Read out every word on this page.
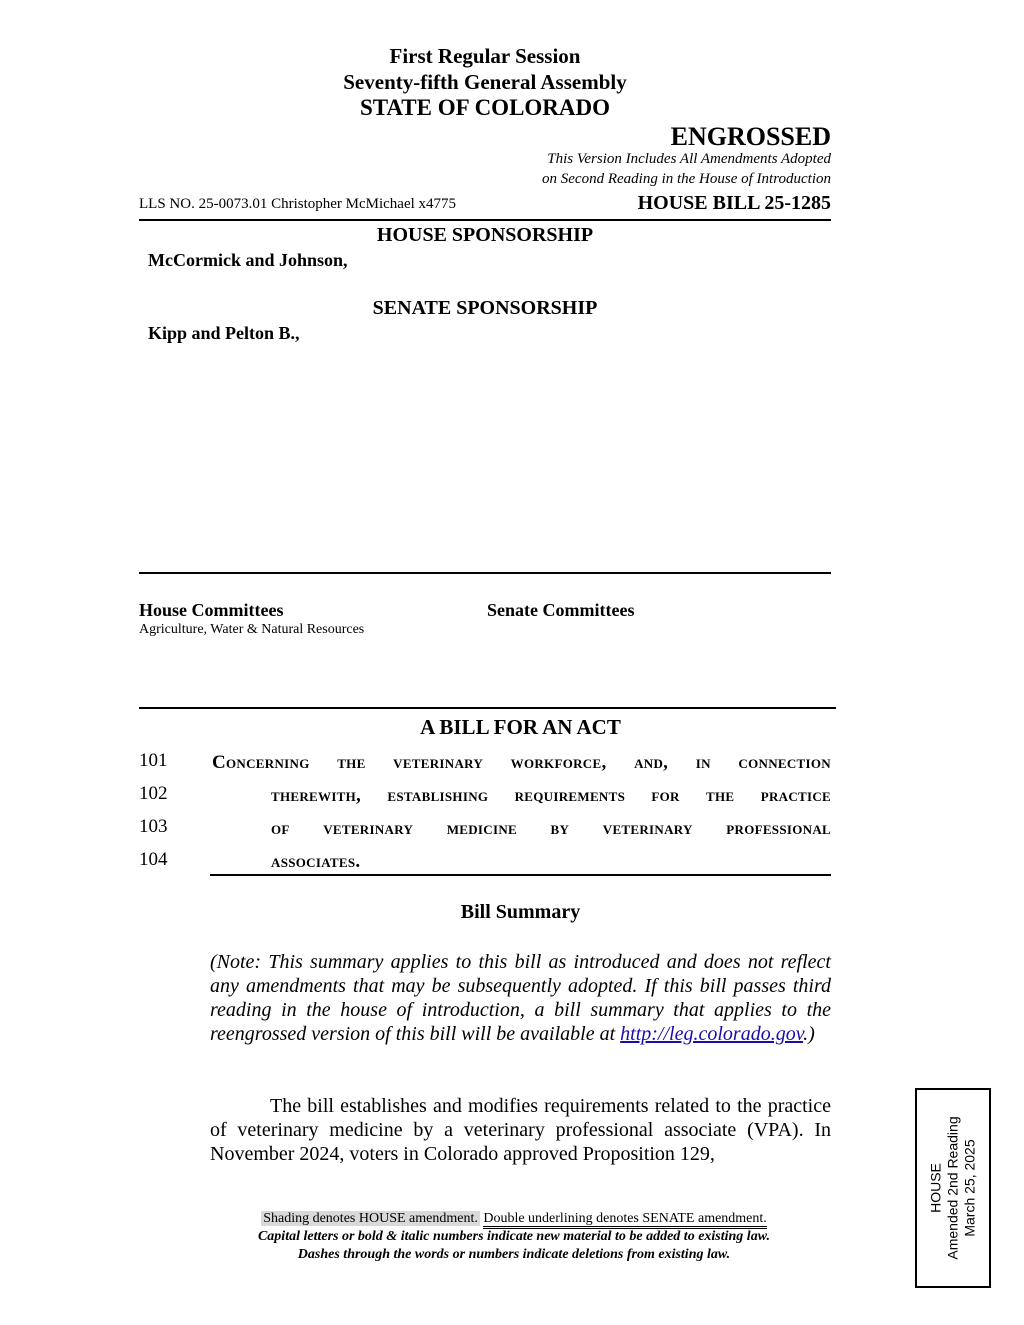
First Regular Session
Seventy-fifth General Assembly
STATE OF COLORADO
ENGROSSED
This Version Includes All Amendments Adopted
on Second Reading in the House of Introduction
LLS NO. 25-0073.01 Christopher McMichael x4775	HOUSE BILL 25-1285
HOUSE SPONSORSHIP
McCormick and Johnson,
SENATE SPONSORSHIP
Kipp and Pelton B.,
House Committees
Agriculture, Water & Natural Resources
Senate Committees
A BILL FOR AN ACT
101 Concerning the veterinary workforce, and, in connection
102	therewith, establishing requirements for the practice
103	of veterinary medicine by veterinary professional
104	associates.
Bill Summary
(Note: This summary applies to this bill as introduced and does not reflect any amendments that may be subsequently adopted. If this bill passes third reading in the house of introduction, a bill summary that applies to the reengrossed version of this bill will be available at http://leg.colorado.gov.)
The bill establishes and modifies requirements related to the practice of veterinary medicine by a veterinary professional associate (VPA). In November 2024, voters in Colorado approved Proposition 129,
Shading denotes HOUSE amendment. Double underlining denotes SENATE amendment.
Capital letters or bold & italic numbers indicate new material to be added to existing law.
Dashes through the words or numbers indicate deletions from existing law.
HOUSE Amended 2nd Reading March 25, 2025
